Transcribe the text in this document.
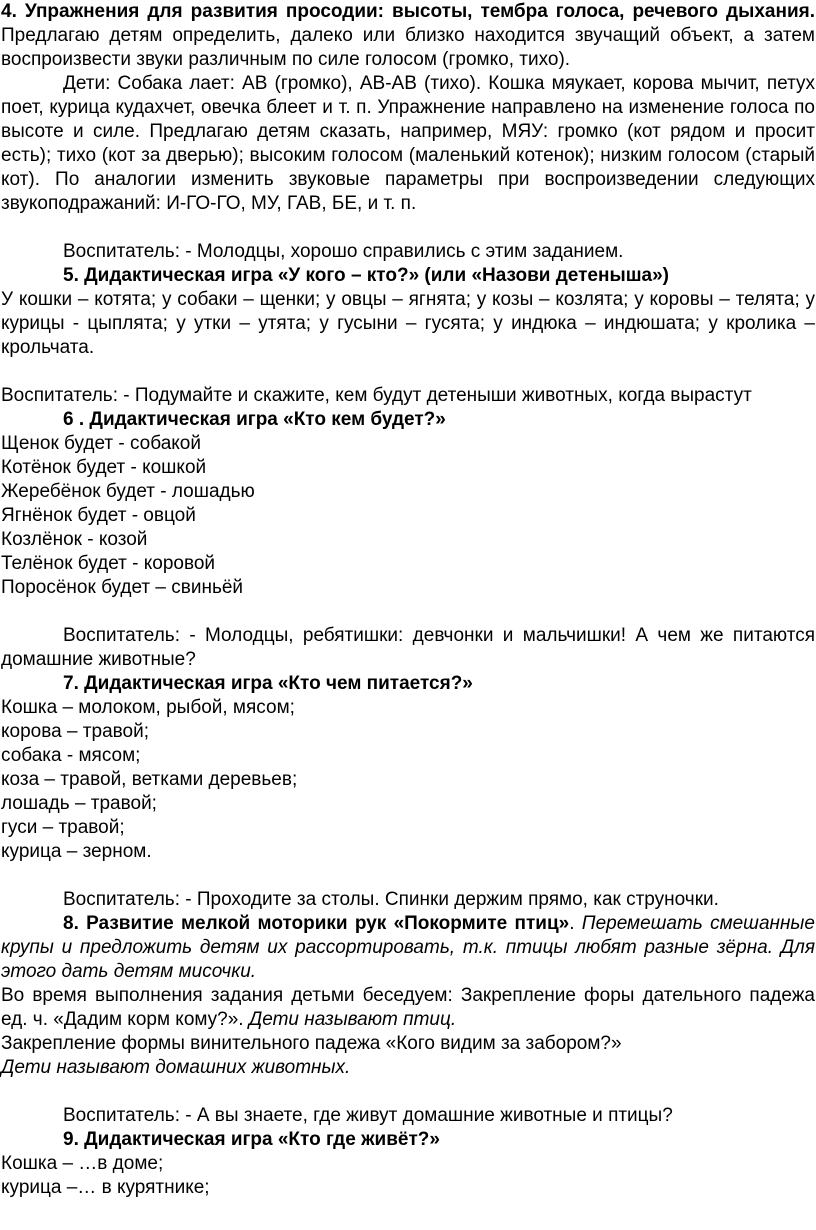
4. Упражнения для развития просодии: высоты, тембра голоса, речевого дыхания. Предлагаю детям определить, далеко или близко находится звучащий объект, а затем воспроизвести звуки различным по силе голосом (громко, тихо).

Дети: Собака лает: АВ (громко), АВ-АВ (тихо). Кошка мяукает, корова мычит, петух поет, курица кудахчет, овечка блеет и т. п. Упражнение направлено на изменение голоса по высоте и силе. Предлагаю детям сказать, например, МЯУ: громко (кот рядом и просит есть); тихо (кот за дверью); высоким голосом (маленький котенок); низким голосом (старый кот). По аналогии изменить звуковые параметры при воспроизведении следующих звукоподражаний: И-ГО-ГО, МУ, ГАВ, БЕ, и т. п.

Воспитатель: - Молодцы, хорошо справились с этим заданием.

5. Дидактическая игра «У кого – кто?» (или «Назови детеныша»)

У кошки – котята; у собаки – щенки; у овцы – ягнята; у козы – козлята; у коровы – телята; у курицы - цыплята; у утки – утята; у гусыни – гусята; у индюка – индюшата; у кролика – крольчата.

Воспитатель: - Подумайте и скажите, кем будут детеныши животных, когда вырастут

6 . Дидактическая игра «Кто кем будет?»

Щенок будет - собакой

Котёнок будет - кошкой

Жеребёнок будет - лошадью

Ягнёнок будет - овцой

Козлёнок - козой

Телёнок будет - коровой

Поросёнок будет – свиньёй

Воспитатель: - Молодцы, ребятишки: девчонки и мальчишки! А чем же питаются домашние животные?

7. Дидактическая игра «Кто чем питается?»

Кошка – молоком, рыбой, мясом;

корова – травой;

собака - мясом;

коза – травой, ветками деревьев;

лошадь – травой;

гуси – травой;

курица – зерном.

Воспитатель: - Проходите за столы. Спинки держим прямо, как струночки.

8. Развитие мелкой моторики рук «Покормите птиц». Перемешать смешанные крупы и предложить детям их рассортировать, т.к. птицы любят разные зёрна. Для этого дать детям мисочки.

Во время выполнения задания детьми беседуем: Закрепление форы дательного падежа ед. ч. «Дадим корм кому?». Дети называют птиц.

Закрепление формы винительного падежа «Кого видим за забором?»

Дети называют домашних животных.

Воспитатель: - А вы знаете, где живут домашние животные и птицы?

9. Дидактическая игра «Кто где живёт?»

Кошка – …в доме;

курица –… в курятнике;
